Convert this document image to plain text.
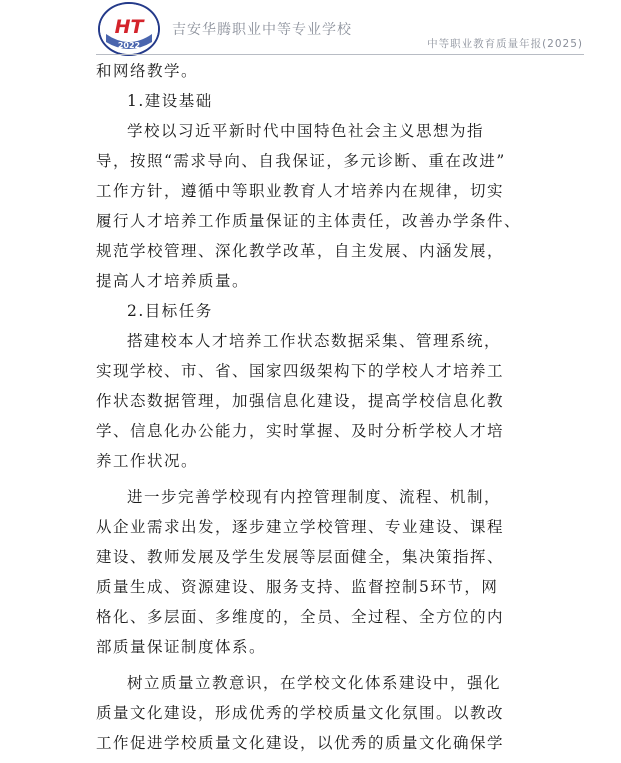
HT
2022
吉安华腾职业中等专业学校
中等职业教育质量年报(2025)

和网络教学。

1.建设基础

学校以习近平新时代中国特色社会主义思想为指
导，按照“需求导向、自我保证，多元诊断、重在改进”
工作方针，遵循中等职业教育人才培养内在规律，切实
履行人才培养工作质量保证的主体责任，改善办学条件、
规范学校管理、深化教学改革，自主发展、内涵发展，
提高人才培养质量。

2.目标任务

搭建校本人才培养工作状态数据采集、管理系统，
实现学校、市、省、国家四级架构下的学校人才培养工
作状态数据管理，加强信息化建设，提高学校信息化教
学、信息化办公能力，实时掌握、及时分析学校人才培
养工作状况。

进一步完善学校现有内控管理制度、流程、机制，
从企业需求出发，逐步建立学校管理、专业建设、课程
建设、教师发展及学生发展等层面健全，集决策指挥、
质量生成、资源建设、服务支持、监督控制5环节，网
格化、多层面、多维度的，全员、全过程、全方位的内
部质量保证制度体系。

树立质量立教意识，在学校文化体系建设中，强化
质量文化建设，形成优秀的学校质量文化氛围。以教改
工作促进学校质量文化建设，以优秀的质量文化确保学
